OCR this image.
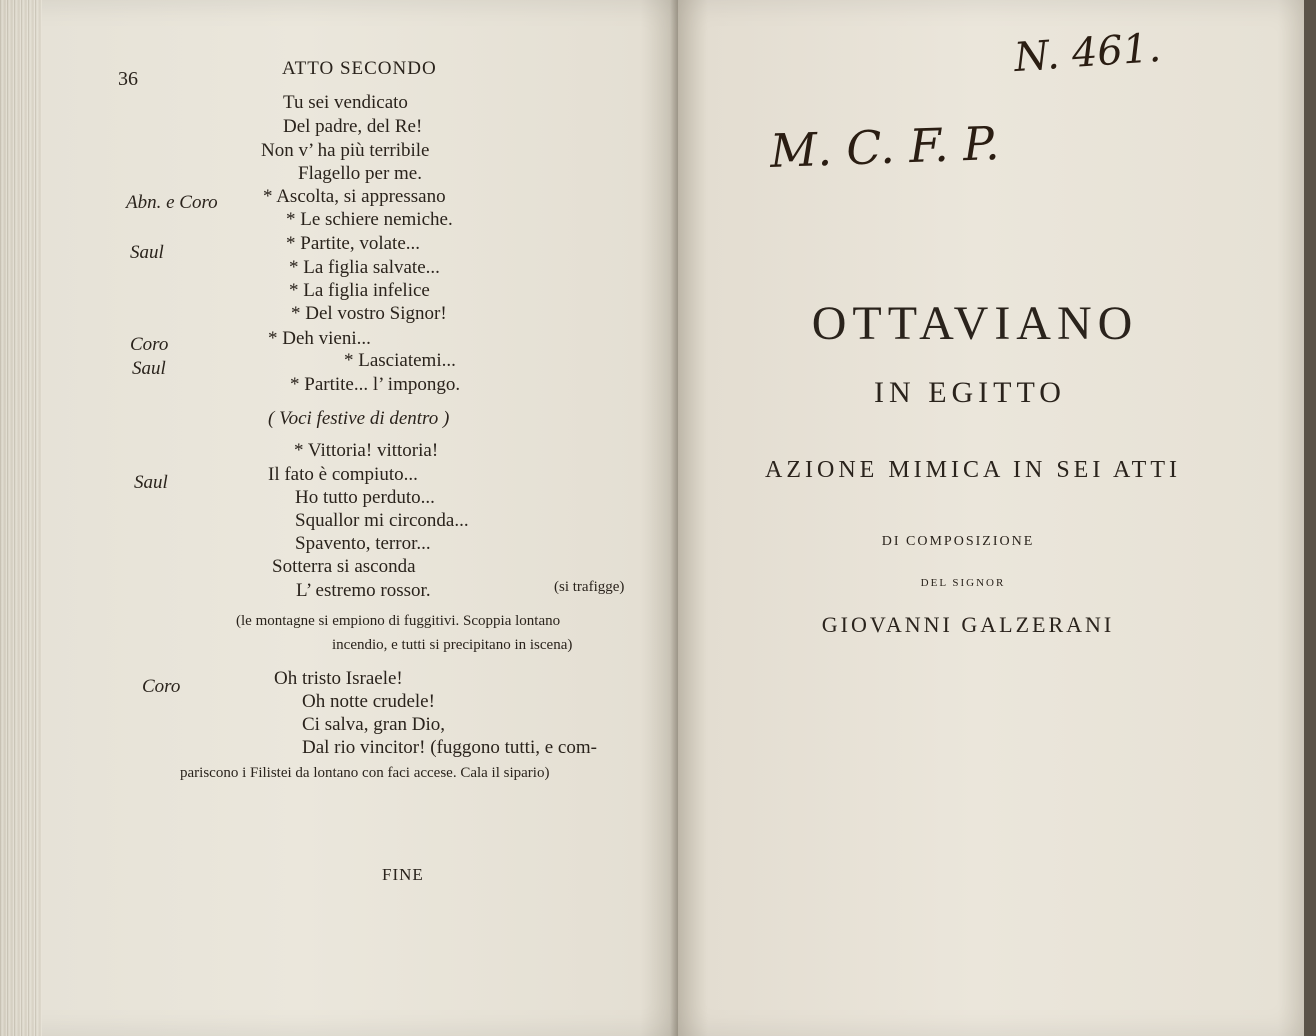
36	ATTO SECONDO
Tu sei vendicato
Del padre, del Re!
Non v’ ha più terribile
Flagello per me.
Abn. e Coro * Ascolta, si appressano
* Le schiere nemiche.
Saul	* Partite, volate...
* La figlia salvate...
* La figlia infelice
* Del vostro Signor!
Coro	* Deh vieni...
Saul	* Lasciatemi...
* Partite... l’ impongo.
( Voci festive di dentro )
* Vittoria! vittoria!
Saul	Il fato è compiuto...
Ho tutto perduto...
Squallor mi circonda...
Spavento, terror...
Sotterra si asconda
L’ estremo rossor.	(si trafigge)
(le montagne si empiono di fuggitivi. Scoppia lontano
incendio, e tutti si precipitano in iscena)
Coro	Oh tristo Israele!
Oh notte crudele!
Ci salva, gran Dio,
Dal rio vincitor! (fuggono tutti, e com-
pariscono i Filistei da lontano con faci accese. Cala il sipario)
FINE
N. 461.
M. C. F. P.
OTTAVIANO
IN EGITTO
AZIONE MIMICA IN SEI ATTI
DI COMPOSIZIONE
DEL SIGNOR
GIOVANNI GALZERANI
